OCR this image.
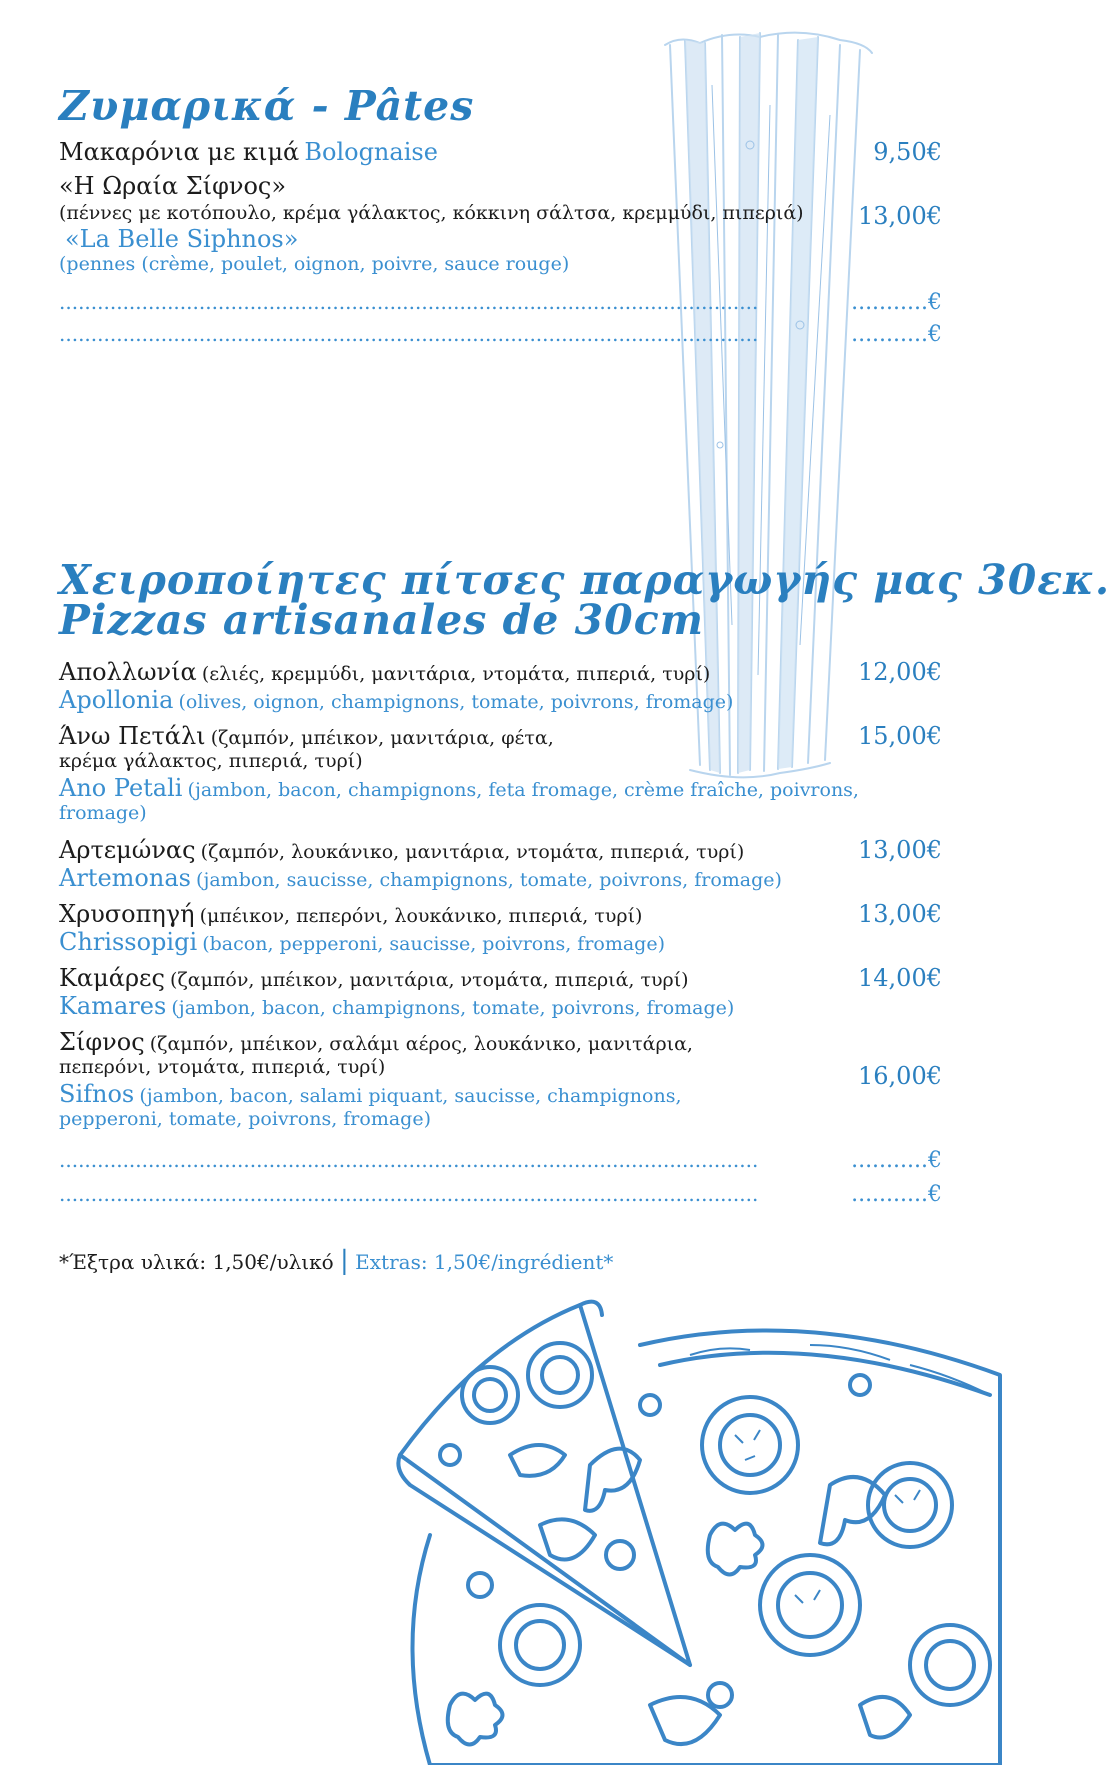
Ζυμαρικά - Pâtes
Μακαρόνια με κιμά Bolognaise	9,50€
«Η Ωραία Σίφνος»
(πέννες με κοτόπουλο, κρέμα γάλακτος, κόκκινη σάλτσα, κρεμμύδι, πιπεριά)	13,00€
«La Belle Siphnos»
(pennes (crème, poulet, oignon, poivre, sauce rouge)
..............................................................................................................	...........€
..............................................................................................................	...........€
Χειροποίητες πίτσες παραγωγής μας 30εκ.
Pizzas artisanales de 30cm
Απολλωνία (ελιές, κρεμμύδι, μανιτάρια, ντομάτα, πιπεριά, τυρί)
Apollonia (olives, oignon, champignons, tomate, poivrons, fromage)
12,00€
Άνω Πετάλι (ζαμπόν, μπέικον, μανιτάρια, φέτα,
κρέμα γάλακτος, πιπεριά, τυρί)
Ano Petali (jambon, bacon, champignons, feta fromage, crème fraîche, poivrons,
fromage)
15,00€
Αρτεμώνας (ζαμπόν, λουκάνικο, μανιτάρια, ντομάτα, πιπεριά, τυρί)
Artemonas (jambon, saucisse, champignons, tomate, poivrons, fromage)
13,00€
Χρυσοπηγή (μπέικον, πεπερόνι, λουκάνικο, πιπεριά, τυρί)
Chrissopigi (bacon, pepperoni, saucisse, poivrons, fromage)
13,00€
Καμάρες (ζαμπόν, μπέικον, μανιτάρια, ντομάτα, πιπεριά, τυρί)
Kamares (jambon, bacon, champignons, tomate, poivrons, fromage)
14,00€
Σίφνος (ζαμπόν, μπέικον, σαλάμι αέρος, λουκάνικο, μανιτάρια,
πεπερόνι, ντομάτα, πιπεριά, τυρί)
Sifnos (jambon, bacon, salami piquant, saucisse, champignons,
pepperoni, tomate, poivrons, fromage)
16,00€
..............................................................................................................	...........€
..............................................................................................................	...........€
*Έξτρα υλικά: 1,50€/υλικό | Extras: 1,50€/ingrédient*
